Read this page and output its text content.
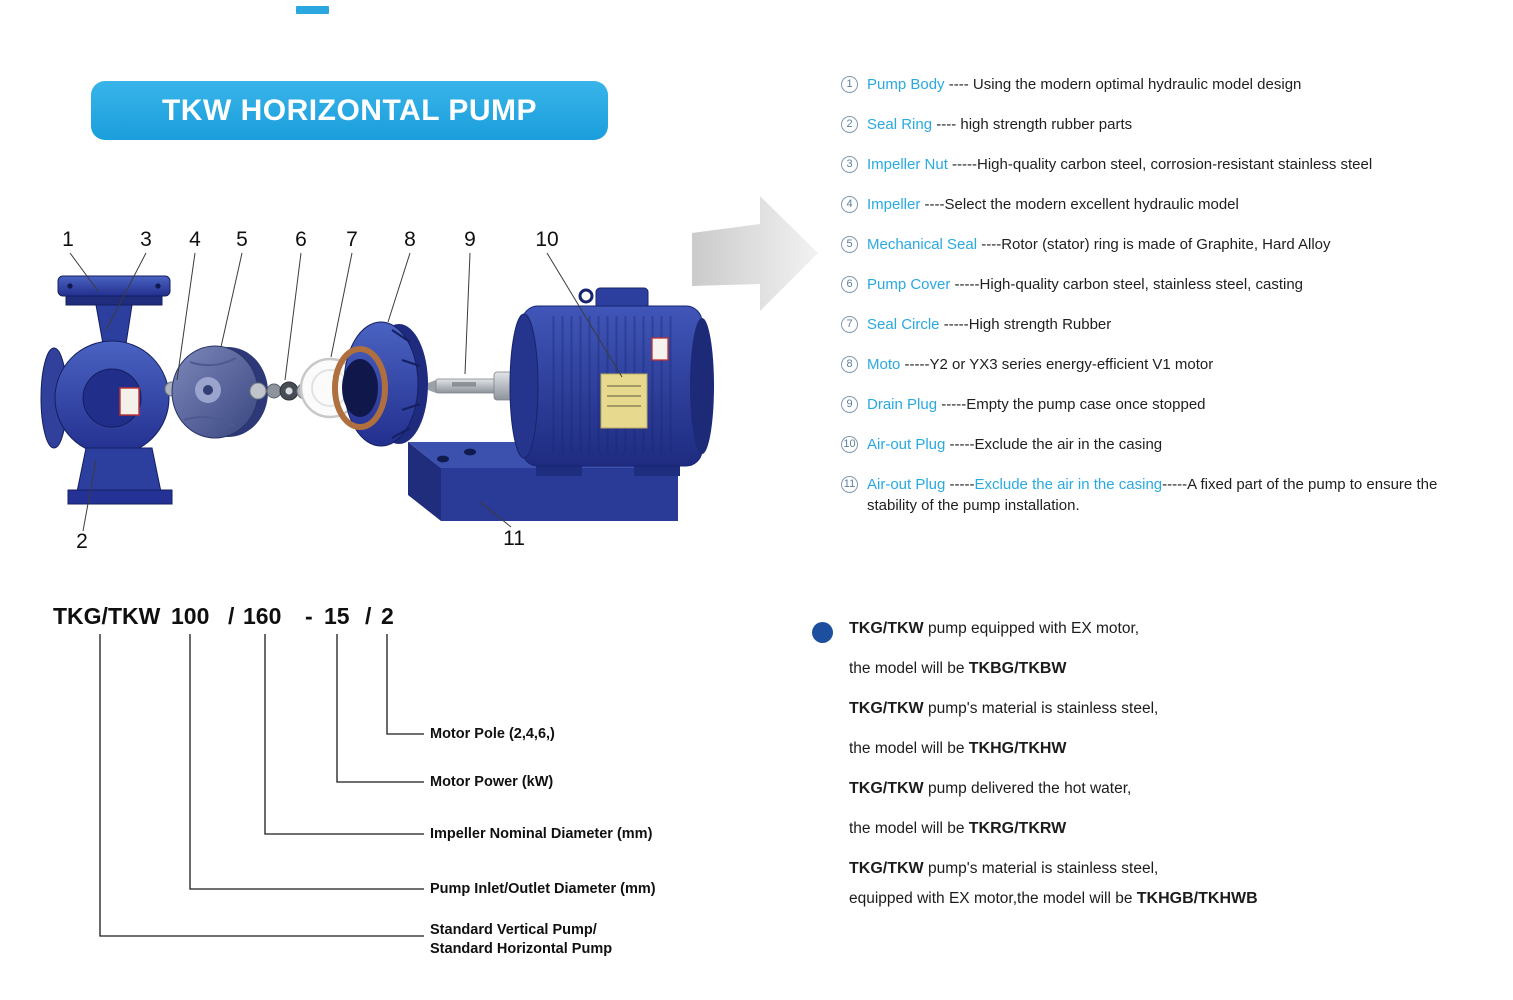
TKW HORIZONTAL PUMP
1	3 4 5 6 7 8 9	10
2	11
1 Pump Body ---- Using the modern optimal hydraulic model design
2 Seal Ring ---- high strength rubber parts
3 Impeller Nut -----High-quality carbon steel, corrosion-resistant stainless steel
4 Impeller ----Select the modern excellent hydraulic model
5 Mechanical Seal ----Rotor (stator) ring is made of Graphite, Hard Alloy
6 Pump Cover -----High-quality carbon steel, stainless steel, casting
7 Seal Circle -----High strength Rubber
8 Moto -----Y2 or YX3 series energy-efficient V1 motor
9 Drain Plug -----Empty the pump case once stopped
10 Air-out Plug -----Exclude the air in the casing
11 Air-out Plug -----Exclude the air in the casing-----A fixed part of the pump to ensure the stability of the pump installation.
TKG/TKW 100 / 160 - 15 / 2
Motor Pole (2,4,6,)
Motor Power (kW)
Impeller Nominal Diameter (mm)
Pump Inlet/Outlet Diameter (mm)
Standard Vertical Pump/
Standard Horizontal Pump
TKG/TKW pump equipped with EX motor,
the model will be TKBG/TKBW
TKG/TKW pump's material is stainless steel,
the model will be TKHG/TKHW
TKG/TKW pump delivered the hot water,
the model will be TKRG/TKRW
TKG/TKW pump's material is stainless steel,
equipped with EX motor,the model will be TKHGB/TKHWB
